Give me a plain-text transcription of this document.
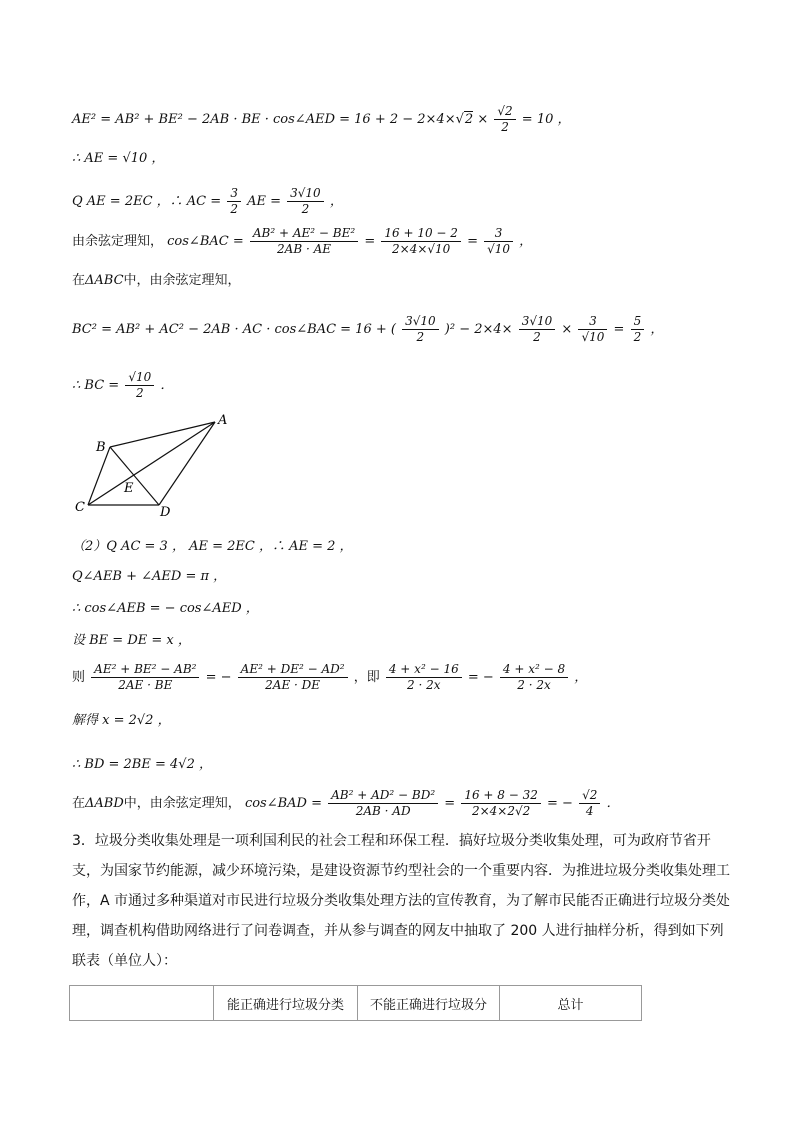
AE² = AB² + BE² − 2AB · BE · cos∠AED = $16 + 2 - 2\times 4\times√2 \times \frac{√2}{2} = 10$ ，
∴ AE = √10 ，
Q AE = 2EC ，∴ AC = $\frac{3}{2}$ AE = $\frac{3√10}{2}$ ，
由余弦定理知， cos∠BAC = $\frac{\text{AB² + AE² − BE²}}{2AB \cdot AE} = \frac{16 + 10 - 2}{2\times 4\times√10} = \frac{3}{√10}$ ，
在ΔABC中，由余弦定理知，
BC² = AB² + AC² − 2AB · AC · cos∠BAC = 16 + ( $\frac{3√10}{2} )^2 - 2\times 4\times \frac{3√10}{2} \times \frac{3}{√10} = \frac{5}{2}$ ，
∴ BC = $\frac{√10}{2}$ ．
A
B
C	D
E
（2）Q AC = 3 ， AE = 2EC ，∴ AE = 2 ，
Q∠AEB + ∠AED = π ，
∴ cos∠AEB = − cos∠AED ，
设 BE = DE = x ，
则 $\frac{\text{AE² + BE² − AB²}}{2AE \cdot BE}$ = − $\frac{\text{AE² + DE² − AD²}}{2AE \cdot DE}$ ，即 $\frac{\text{4 + x² − 16}}{2 \cdot 2x}$ = − $\frac{\text{4 + x² − 8}}{2 \cdot 2x}$ ，
解得 x = 2√2 ，
∴ BD = 2BE = 4√2 ，
在ΔABD中，由余弦定理知， cos∠BAD = $\frac{\text{AB² + AD² − BD²}}{2AB \cdot AD} = \frac{16 + 8 - 32}{2\times 4\times 2√2}$ = − $\frac{√2}{4}$ ．
3．垃圾分类收集处理是一项利国利民的社会工程和环保工程．搞好垃圾分类收集处理，可为政府节省开支，为国家节约能源，减少环境污染，是建设资源节约型社会的一个重要内容．为推进垃圾分类收集处理工作，A 市通过多种渠道对市民进行垃圾分类收集处理方法的宣传教育，为了解市民能否正确进行垃圾分类处理，调查机构借助网络进行了问卷调查，并从参与调查的网友中抽取了 200 人进行抽样分析，得到如下列联表（单位人）：
	能正确进行垃圾分类	不能正确进行垃圾分	总计
